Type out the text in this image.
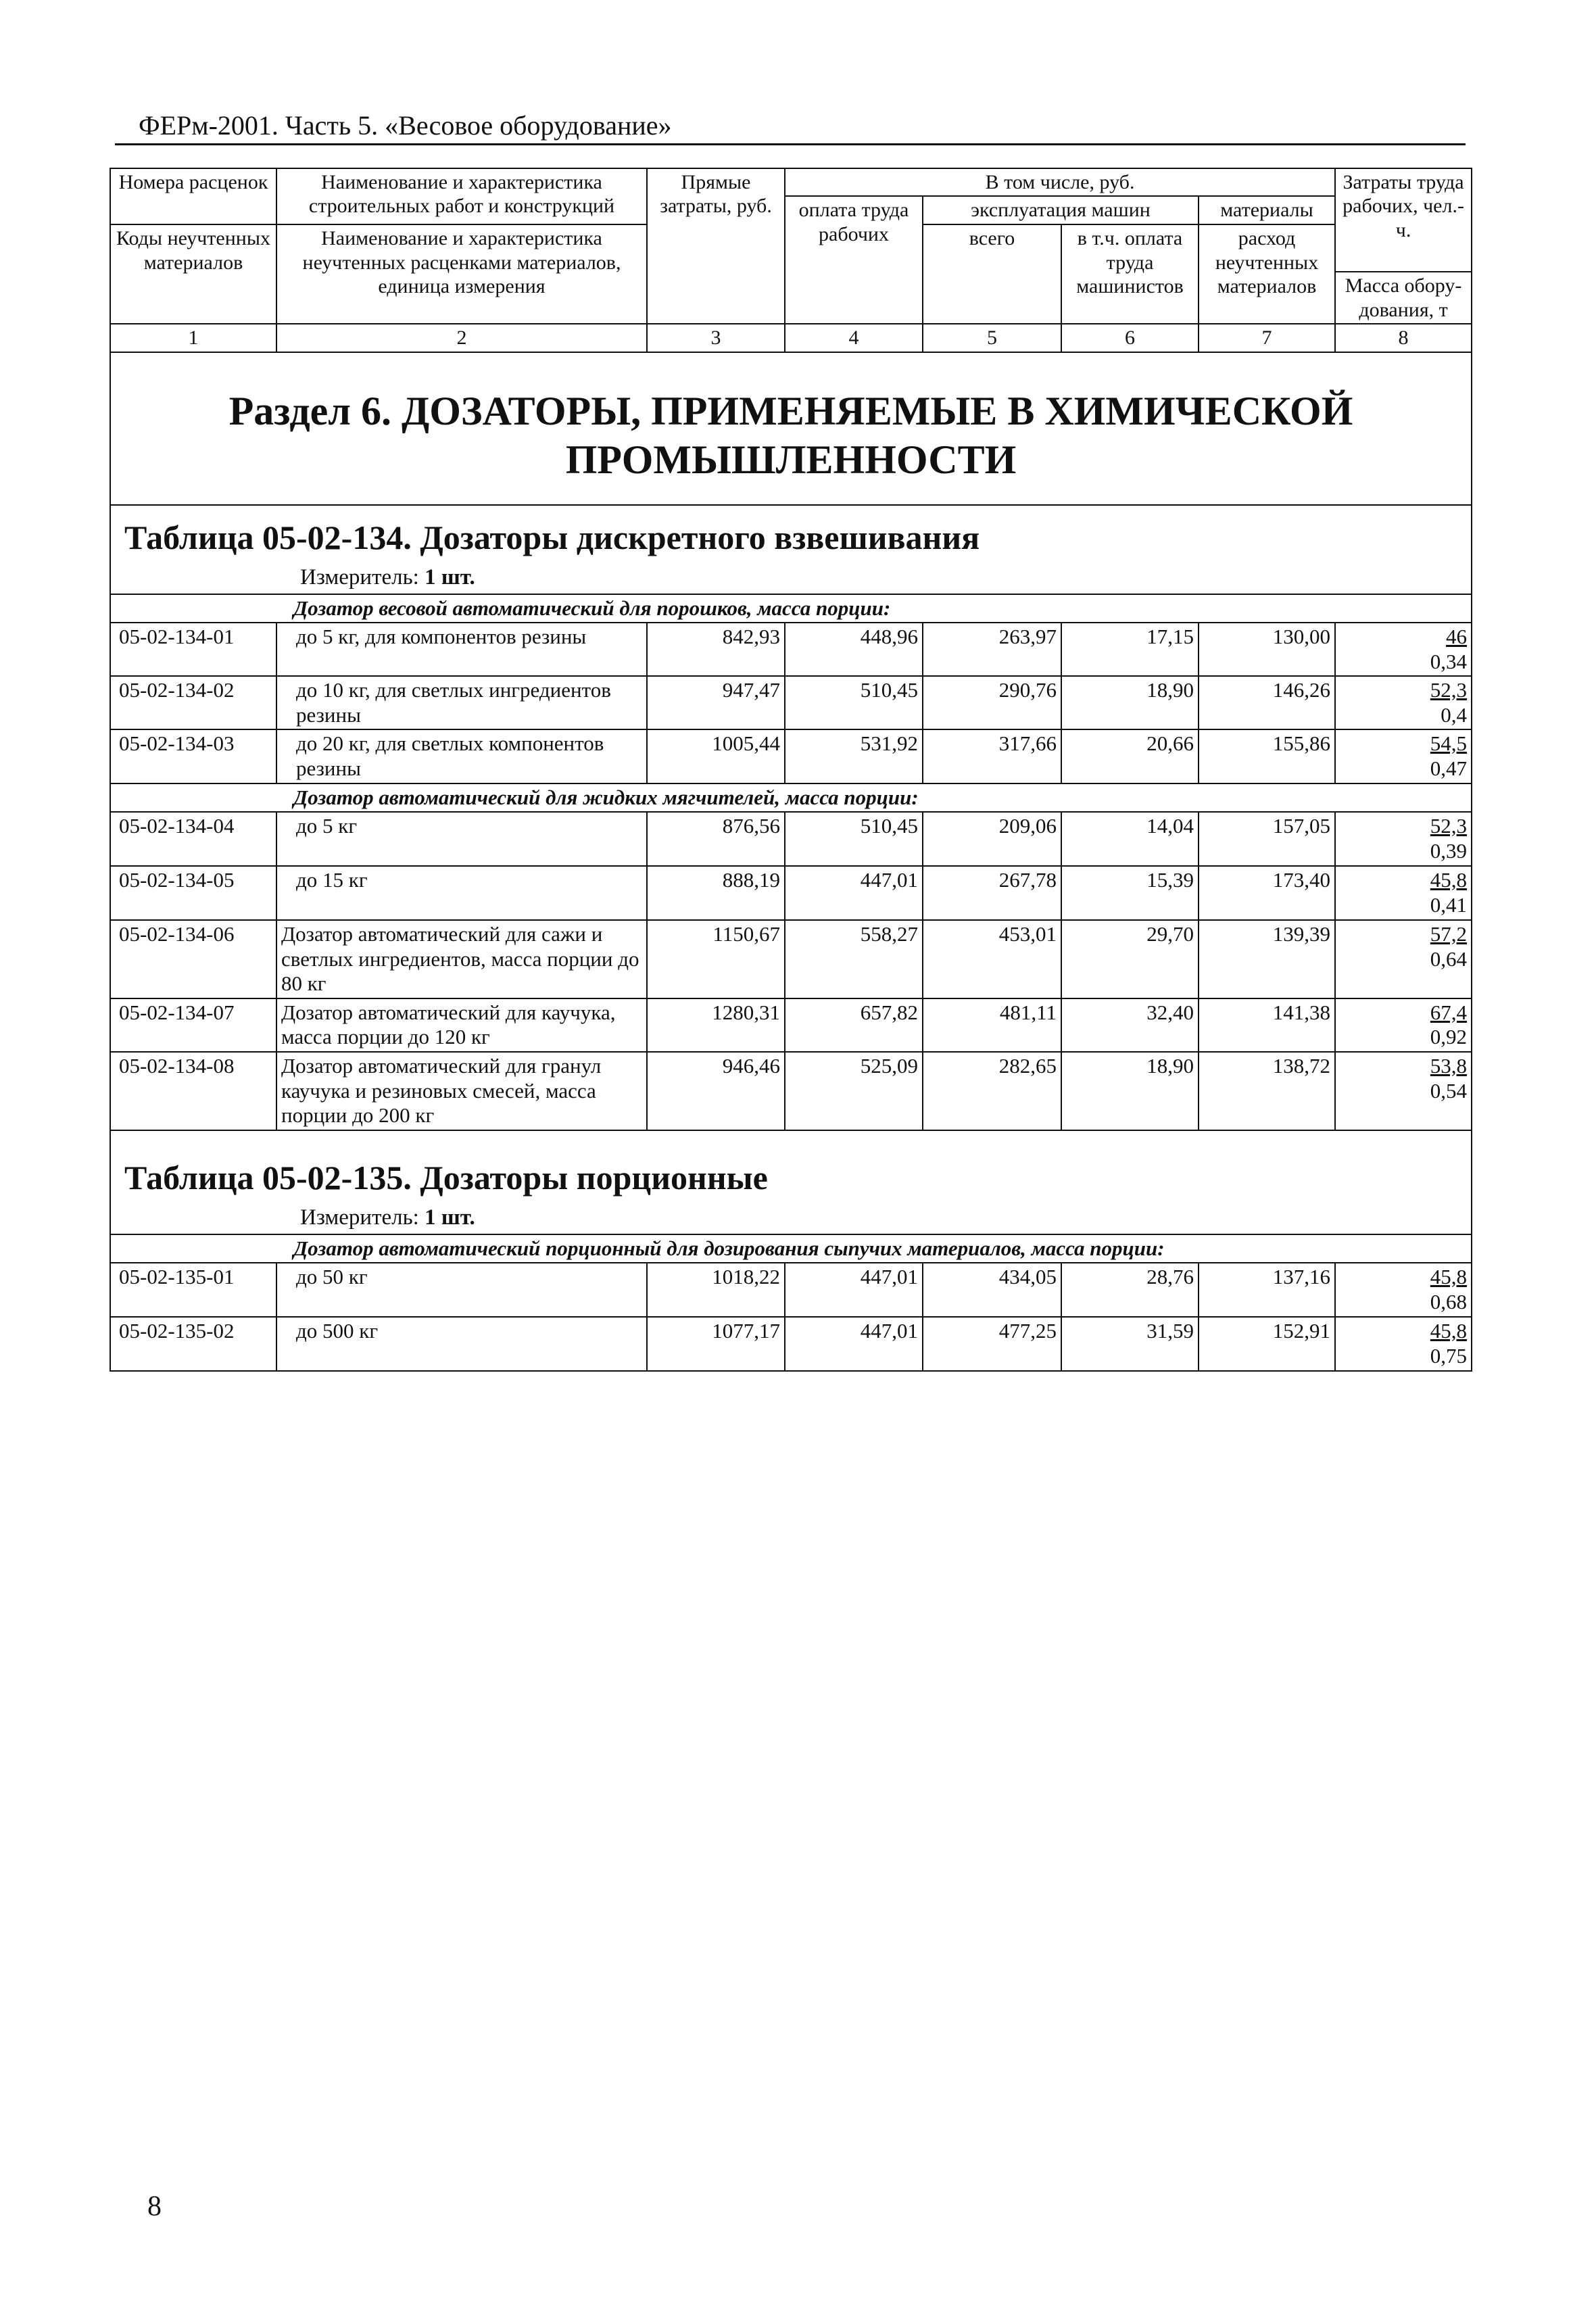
ФЕРм-2001. Часть 5. «Весовое оборудование»
Номера расценок	Наименование и характеристика строительных работ и конструкций	Прямые затраты, руб.	В том числе, руб.				Затраты труда рабочих, чел.-ч.
			оплата труда рабочих	эксплуатация машин		материалы	
Коды неучтенных материалов	Наименование и характеристика неучтенных расценками материалов, единица измерения			всего	в т.ч. оплата труда машинистов	расход неучтенных материалов	
							Масса обору-дования, т
1	2	3	4	5	6	7	8

Раздел 6. ДОЗАТОРЫ, ПРИМЕНЯЕМЫЕ В ХИМИЧЕСКОЙ
ПРОМЫШЛЕННОСТИ							

Таблица 05-02-134. Дозаторы дискретного взвешивания
Измеритель: 1 шт.							

Дозатор весовой автоматический для порошков, масса порции:							
05-02-134-01	до 5 кг, для компонентов резины	842,93	448,96	263,97	17,15	130,00	46
0,34

05-02-134-02	до 10 кг, для светлых ингредиентов резины	947,47	510,45	290,76	18,90	146,26	52,3
0,4

05-02-134-03	до 20 кг, для светлых компонентов резины	1005,44	531,92	317,66	20,66	155,86	54,5
0,47

Дозатор автоматический для жидких мягчителей, масса порции:							
05-02-134-04	до 5 кг	876,56	510,45	209,06	14,04	157,05	52,3
0,39

05-02-134-05	до 15 кг	888,19	447,01	267,78	15,39	173,40	45,8
0,41

05-02-134-06	Дозатор автоматический для сажи и светлых ингредиентов, масса порции до 80 кг	1150,67	558,27	453,01	29,70	139,39	57,2
0,64

05-02-134-07	Дозатор автоматический для каучука, масса порции до 120 кг	1280,31	657,82	481,11	32,40	141,38	67,4
0,92

05-02-134-08	Дозатор автоматический для гранул каучука и резиновых смесей, масса порции до 200 кг	946,46	525,09	282,65	18,90	138,72	53,8
0,54

Таблица 05-02-135. Дозаторы порционные
Измеритель: 1 шт.							

Дозатор автоматический порционный для дозирования сыпучих материалов, масса порции:							
05-02-135-01	до 50 кг	1018,22	447,01	434,05	28,76	137,16	45,8
0,68

05-02-135-02	до 500 кг	1077,17	447,01	477,25	31,59	152,91	45,8
0,75
8
